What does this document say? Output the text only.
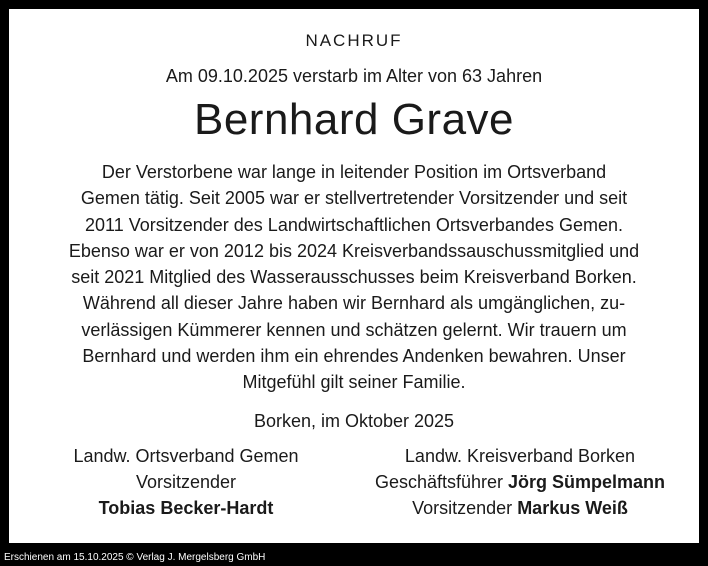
NACHRUF
Am 09.10.2025 verstarb im Alter von 63 Jahren
Bernhard Grave
Der Verstorbene war lange in leitender Position im Ortsverband
Gemen tätig. Seit 2005 war er stellvertretender Vorsitzender und seit
2011 Vorsitzender des Landwirtschaftlichen Ortsverbandes Gemen.
Ebenso war er von 2012 bis 2024 Kreisverbandssauschussmitglied und
seit 2021 Mitglied des Wasserausschusses beim Kreisverband Borken.
Während all dieser Jahre haben wir Bernhard als umgänglichen, zu-
verlässigen Kümmerer kennen und schätzen gelernt. Wir trauern um
Bernhard und werden ihm ein ehrendes Andenken bewahren. Unser
Mitgefühl gilt seiner Familie.
Borken, im Oktober 2025
Landw. Ortsverband Gemen
Vorsitzender
Tobias Becker-Hardt
Landw. Kreisverband Borken
Geschäftsführer Jörg Sümpelmann
Vorsitzender Markus Weiß
Erschienen am 15.10.2025 © Verlag J. Mergelsberg GmbH
